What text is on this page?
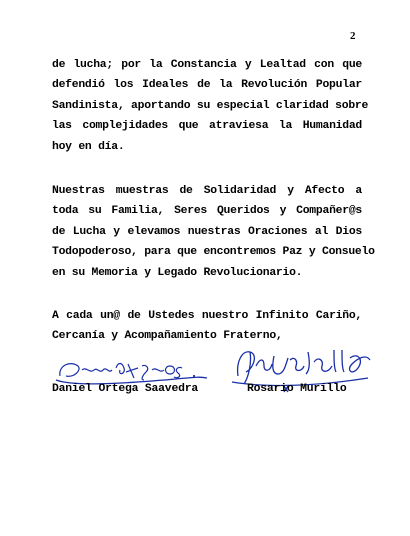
2
de lucha; por la Constancia y Lealtad con que
defendió los Ideales de la Revolución Popular
Sandinista, aportando su especial claridad sobre
las complejidades que atraviesa la Humanidad
hoy en día.
Nuestras muestras de Solidaridad y Afecto a
toda su Familia, Seres Queridos y Compañer@s
de Lucha y elevamos nuestras Oraciones al Dios
Todopoderoso, para que encontremos Paz y Consuelo
en su Memoria y Legado Revolucionario.
A cada un@ de Ustedes nuestro Infinito Cariño,
Cercanía y Acompañamiento Fraterno,
Daniel Ortega Saavedra	Rosario Murillo
